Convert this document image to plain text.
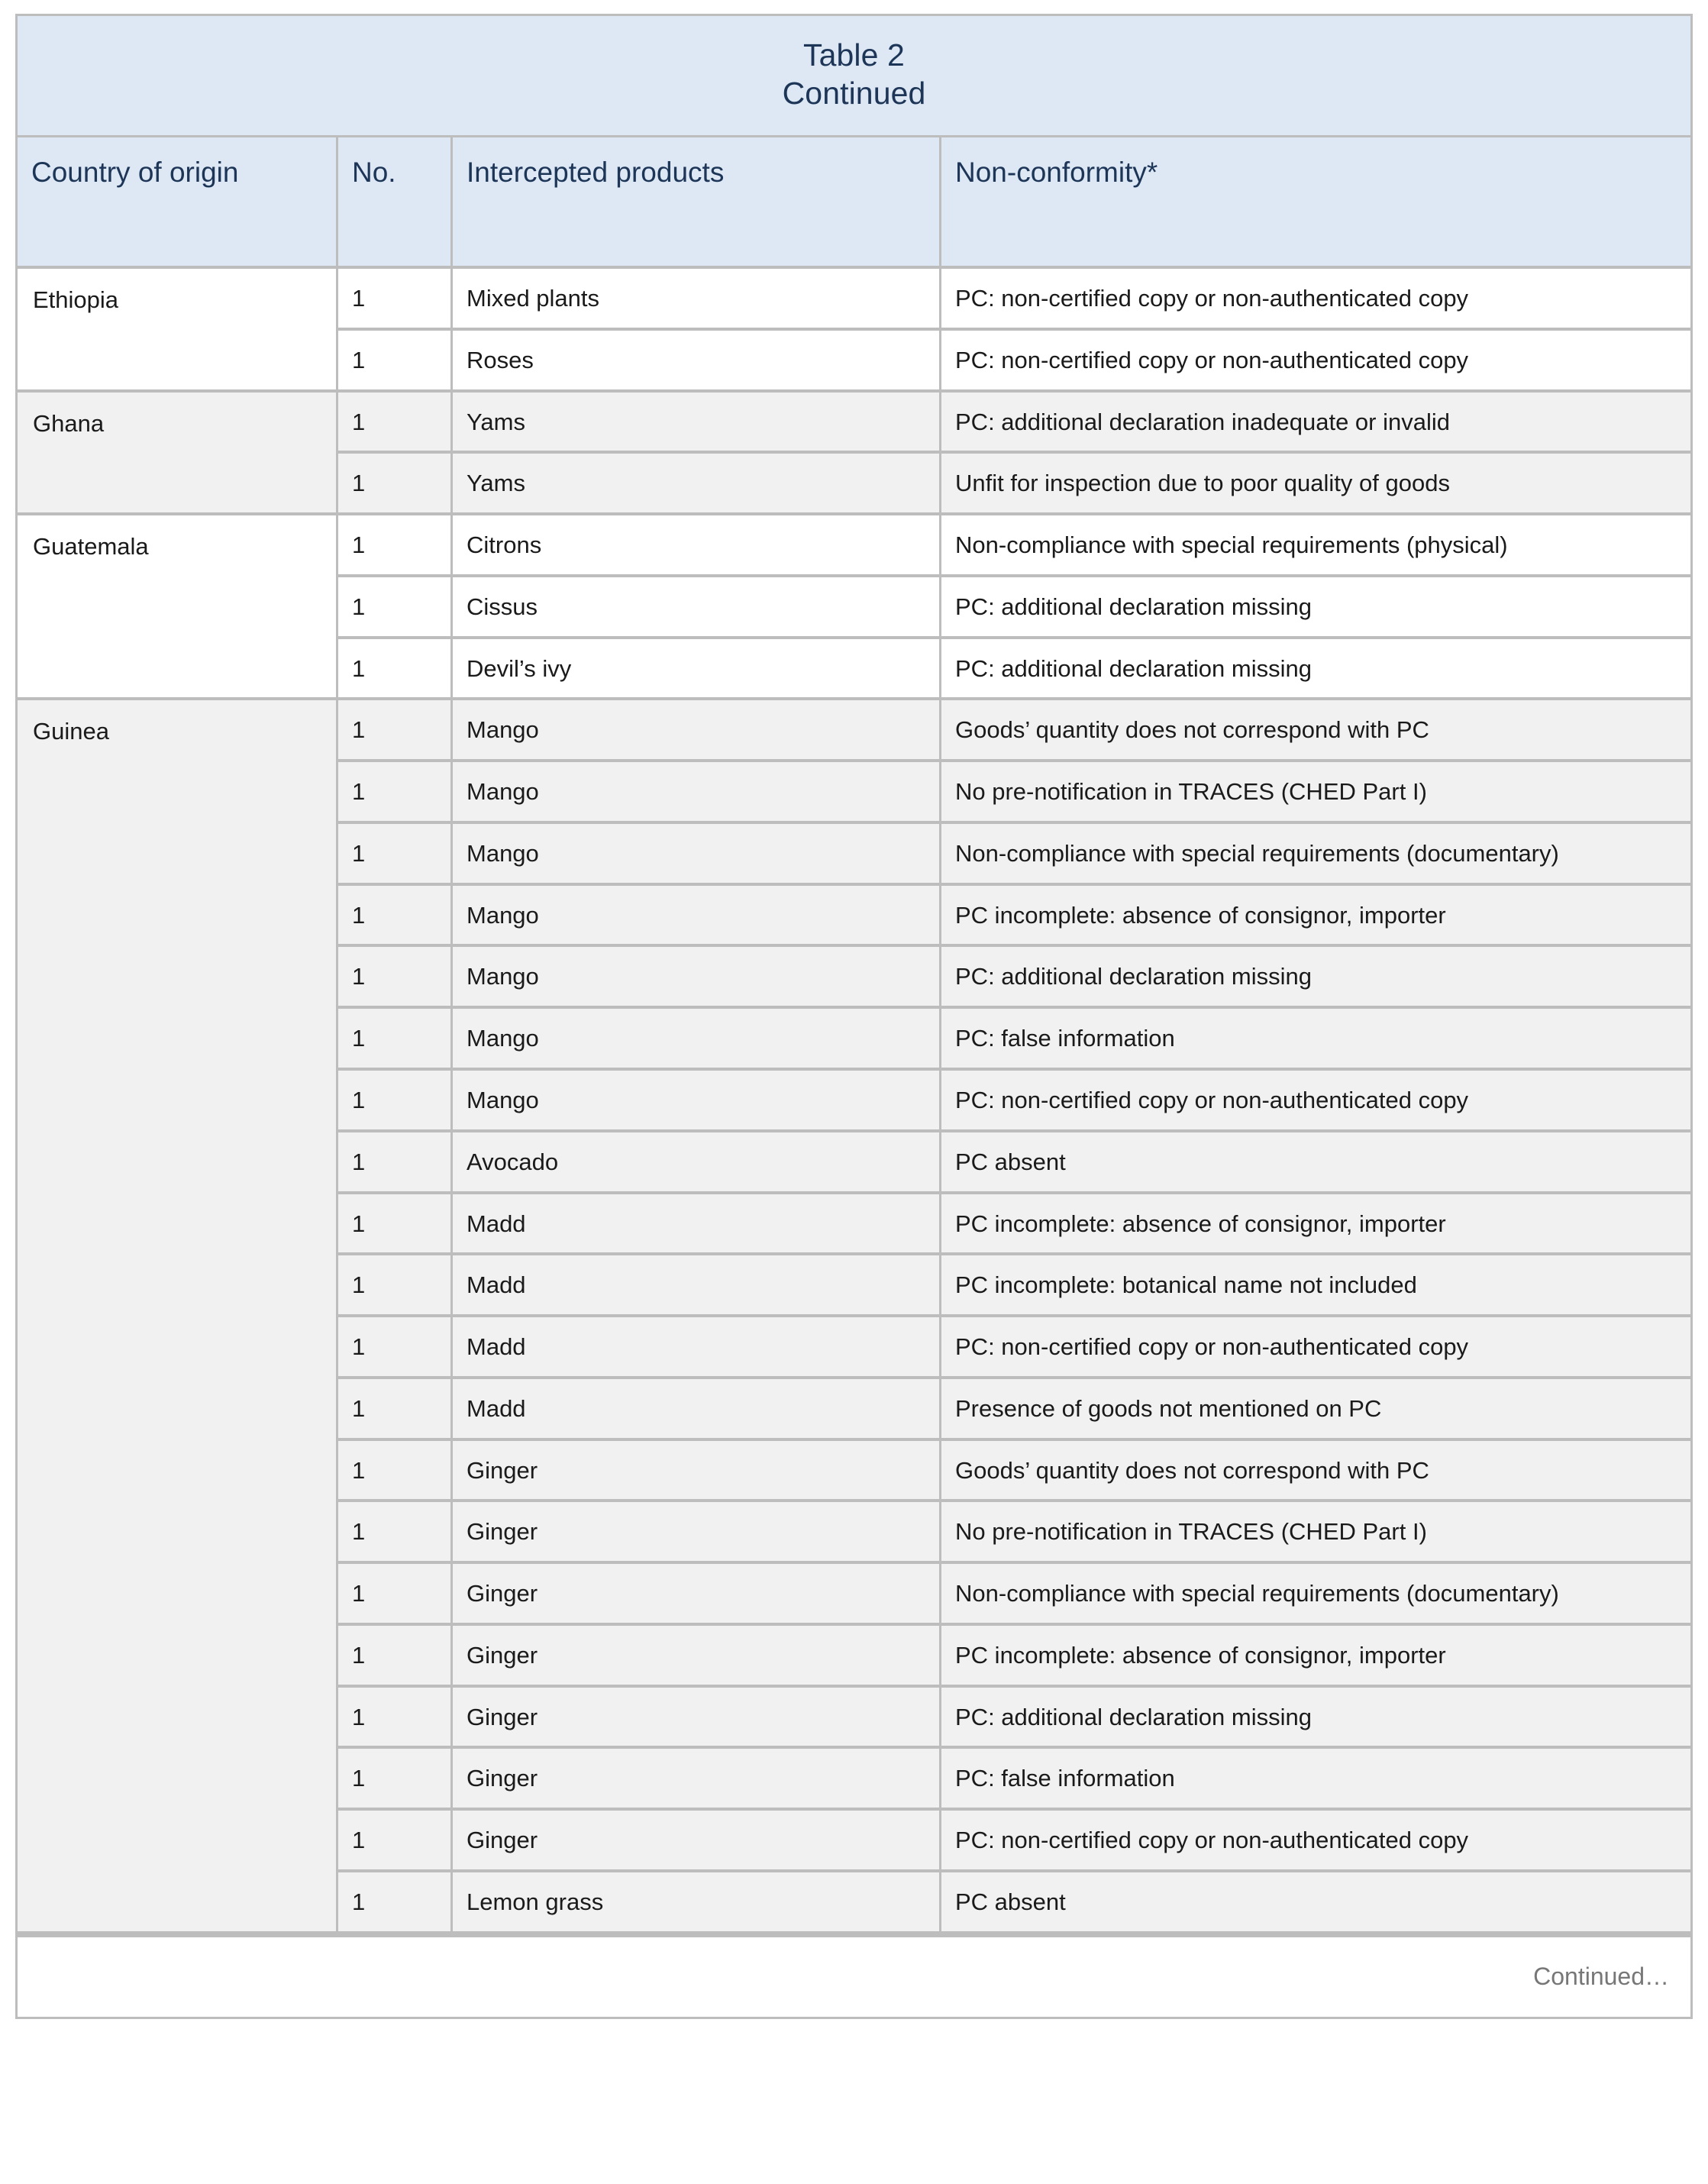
Table 2
Continued
Country of origin	No.	Intercepted products	Non-conformity*
Ethiopia	1	Mixed plants	PC: non-certified copy or non-authenticated copy
1	Roses	PC: non-certified copy or non-authenticated copy
Ghana	1	Yams	PC: additional declaration inadequate or invalid
1	Yams	Unfit for inspection due to poor quality of goods
Guatemala	1	Citrons	Non-compliance with special requirements (physical)
1	Cissus	PC: additional declaration missing
1	Devil’s ivy	PC: additional declaration missing
Guinea	1	Mango	Goods’ quantity does not correspond with PC
1	Mango	No pre-notification in TRACES (CHED Part I)
1	Mango	Non-compliance with special requirements (documentary)
1	Mango	PC incomplete: absence of consignor, importer
1	Mango	PC: additional declaration missing
1	Mango	PC: false information
1	Mango	PC: non-certified copy or non-authenticated copy
1	Avocado	PC absent
1	Madd	PC incomplete: absence of consignor, importer
1	Madd	PC incomplete: botanical name not included
1	Madd	PC: non-certified copy or non-authenticated copy
1	Madd	Presence of goods not mentioned on PC
1	Ginger	Goods’ quantity does not correspond with PC
1	Ginger	No pre-notification in TRACES (CHED Part I)
1	Ginger	Non-compliance with special requirements (documentary)
1	Ginger	PC incomplete: absence of consignor, importer
1	Ginger	PC: additional declaration missing
1	Ginger	PC: false information
1	Ginger	PC: non-certified copy or non-authenticated copy
1	Lemon grass	PC absent
Continued…
